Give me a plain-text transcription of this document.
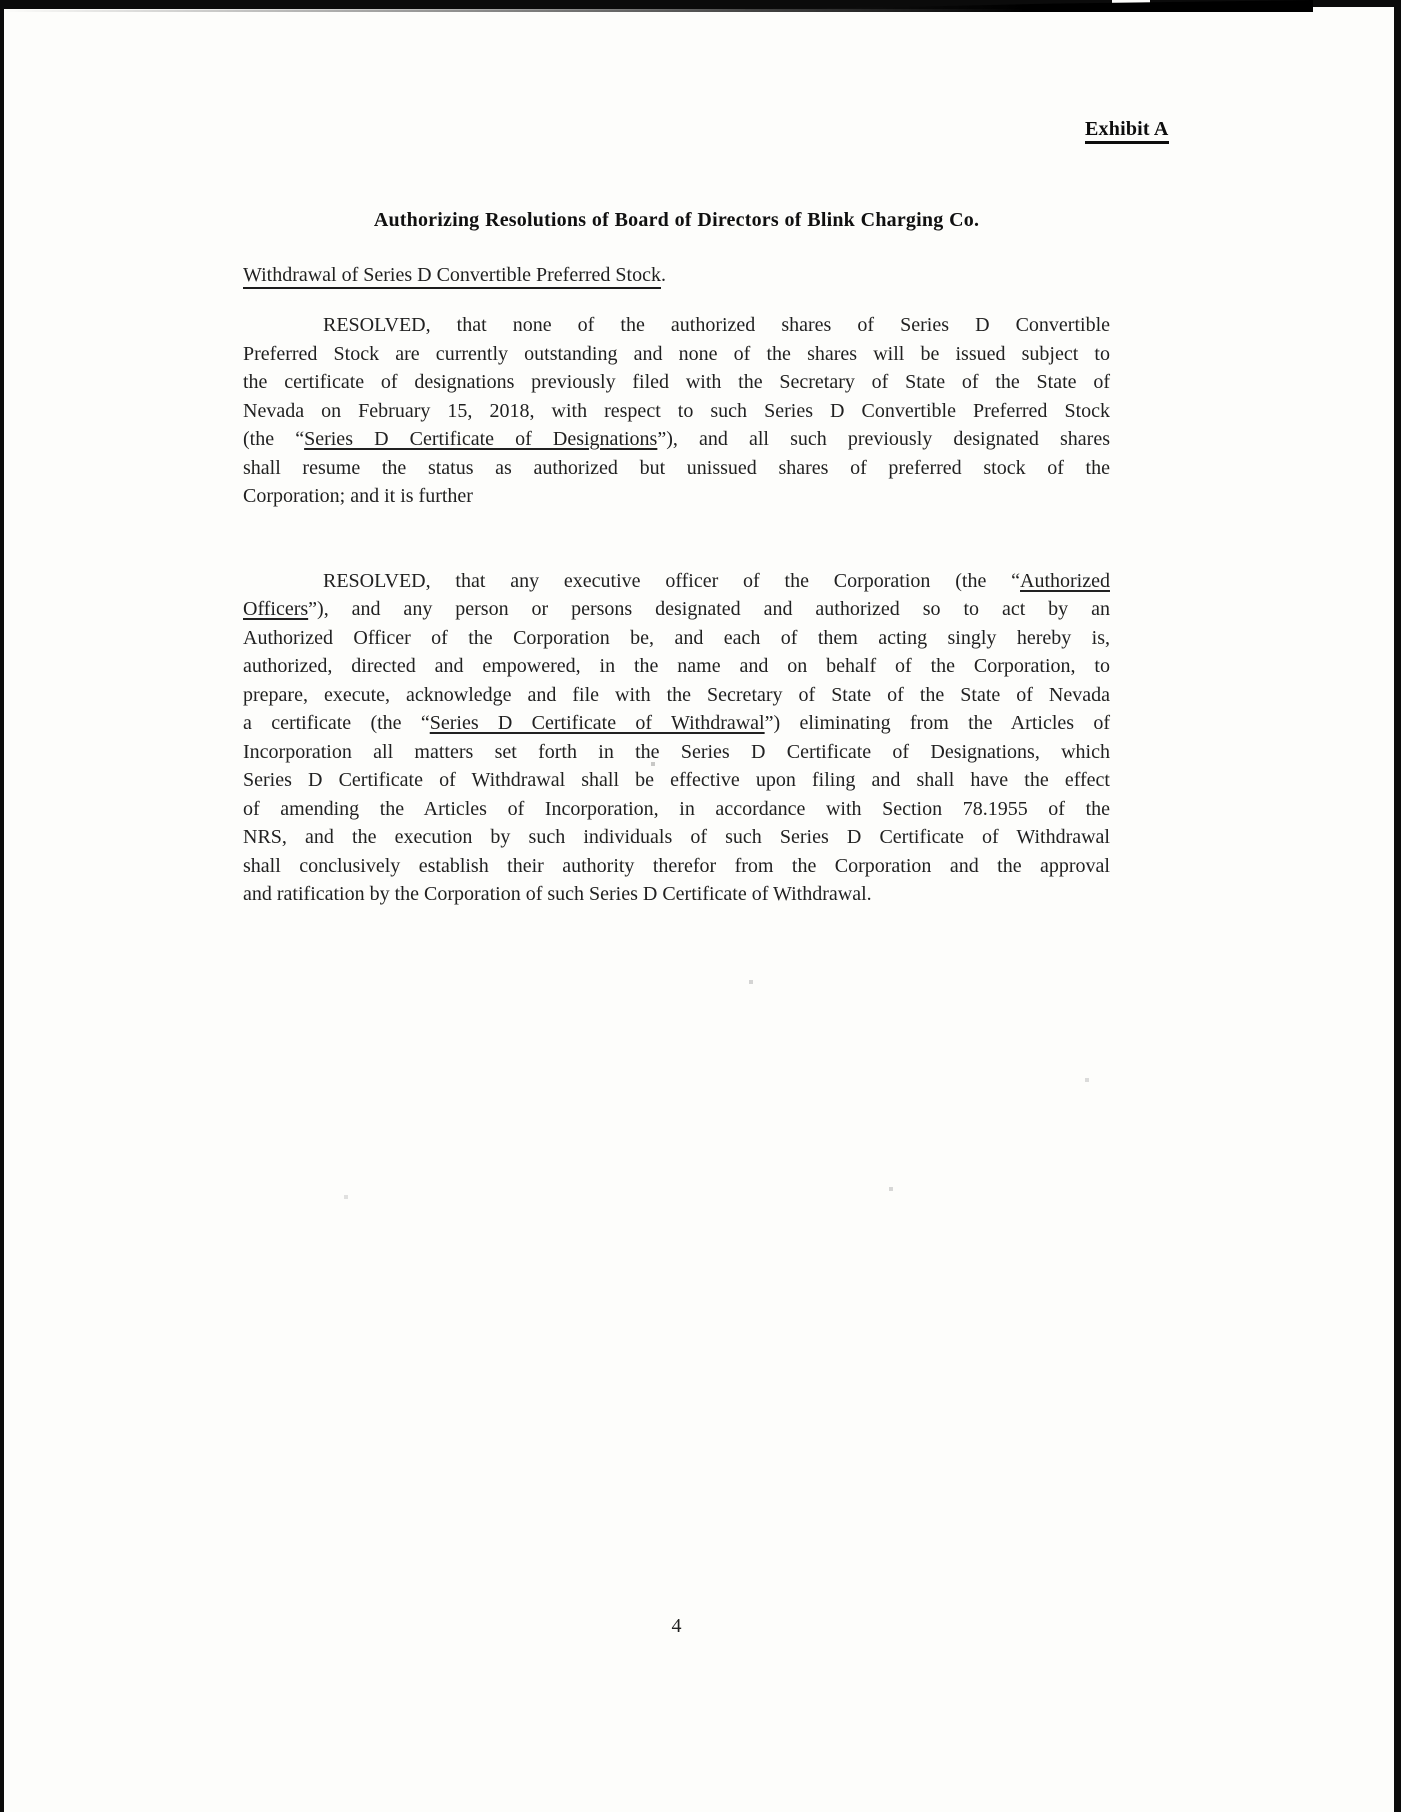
Exhibit A
Authorizing Resolutions of Board of Directors of Blink Charging Co.
Withdrawal of Series D Convertible Preferred Stock.
RESOLVED, that none of the authorized shares of Series D Convertible
Preferred Stock are currently outstanding and none of the shares will be issued subject to
the certificate of designations previously filed with the Secretary of State of the State of
Nevada on February 15, 2018, with respect to such Series D Convertible Preferred Stock
(the “Series D Certificate of Designations”), and all such previously designated shares
shall resume the status as authorized but unissued shares of preferred stock of the
Corporation; and it is further
RESOLVED, that any executive officer of the Corporation (the “Authorized
Officers”), and any person or persons designated and authorized so to act by an
Authorized Officer of the Corporation be, and each of them acting singly hereby is,
authorized, directed and empowered, in the name and on behalf of the Corporation, to
prepare, execute, acknowledge and file with the Secretary of State of the State of Nevada
a certificate (the “Series D Certificate of Withdrawal”) eliminating from the Articles of
Incorporation all matters set forth in the Series D Certificate of Designations, which
Series D Certificate of Withdrawal shall be effective upon filing and shall have the effect
of amending the Articles of Incorporation, in accordance with Section 78.1955 of the
NRS, and the execution by such individuals of such Series D Certificate of Withdrawal
shall conclusively establish their authority therefor from the Corporation and the approval
and ratification by the Corporation of such Series D Certificate of Withdrawal.
4
